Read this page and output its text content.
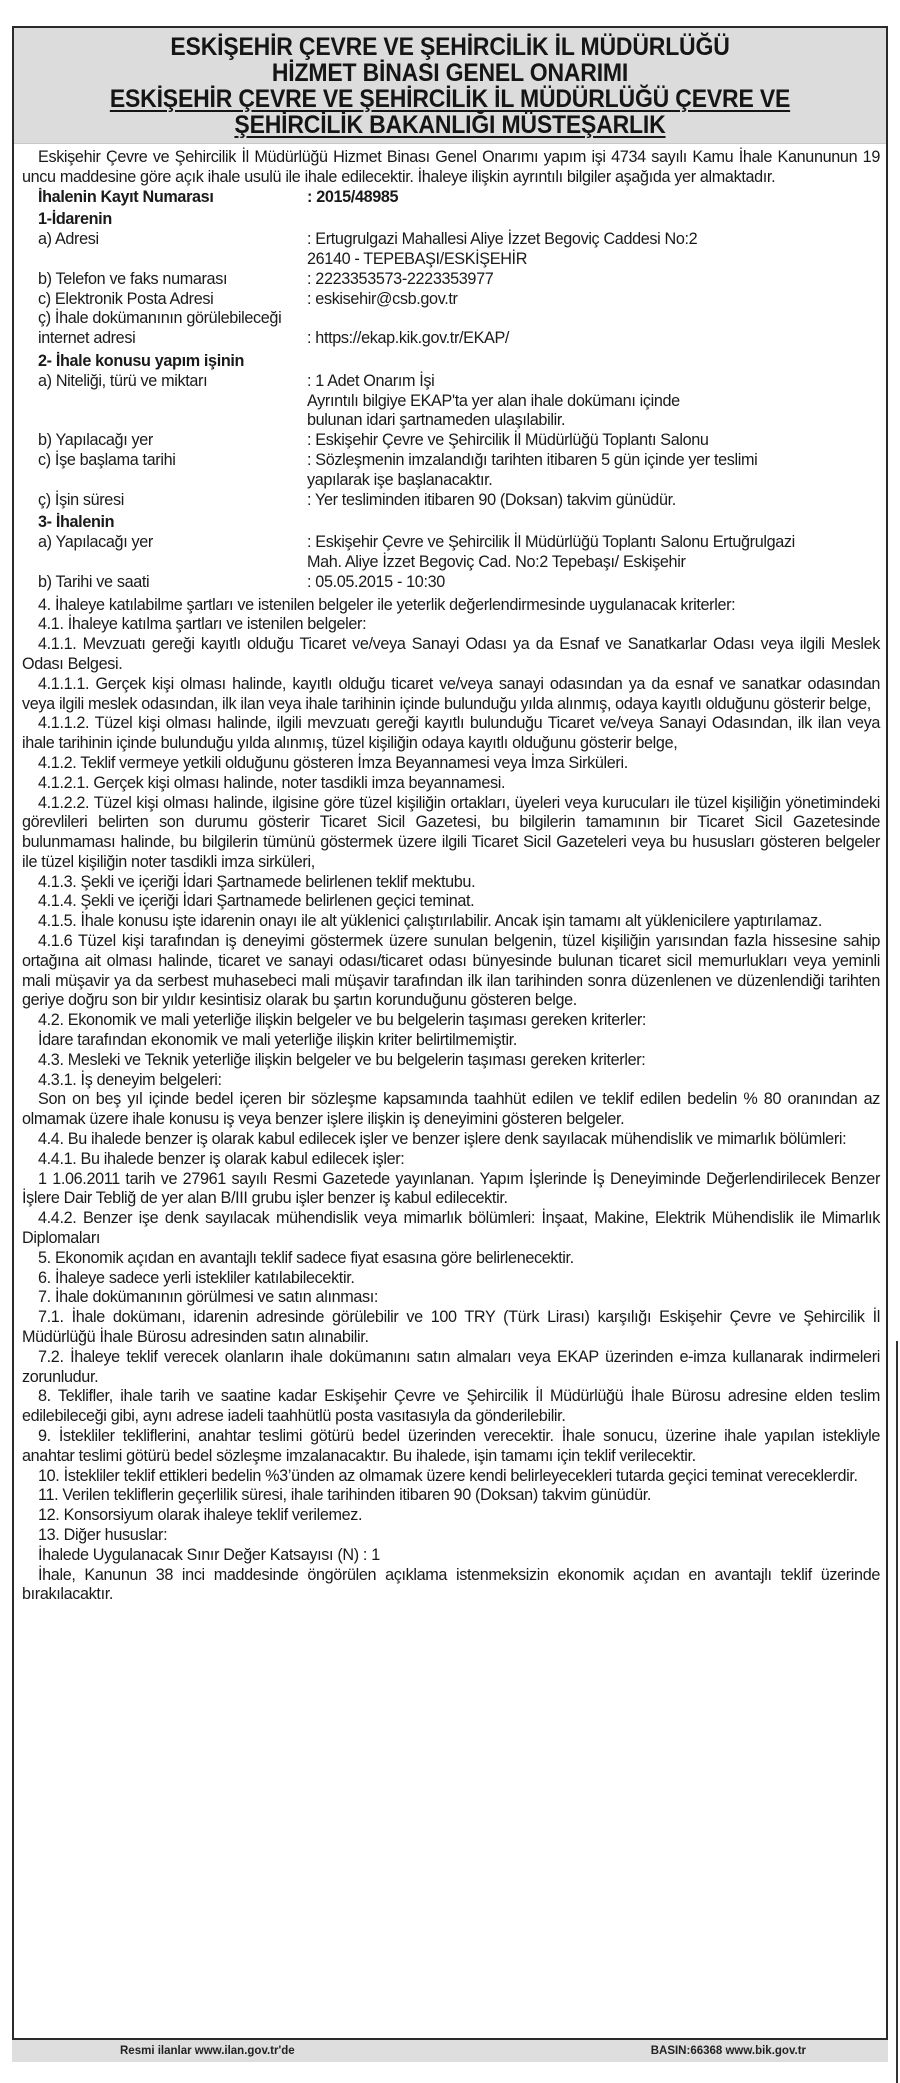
ESKİŞEHİR ÇEVRE VE ŞEHİRCİLİK İL MÜDÜRLÜĞÜ
HİZMET BİNASI GENEL ONARIMI
ESKİŞEHİR ÇEVRE VE ŞEHİRCİLİK İL MÜDÜRLÜĞÜ ÇEVRE VE
ŞEHİRCİLİK BAKANLIĞI MÜSTEŞARLIK

Eskişehir Çevre ve Şehircilik İl Müdürlüğü Hizmet Binası Genel Onarımı yapım işi 4734 sayılı Kamu İhale Kanununun 19 uncu maddesine göre açık ihale usulü ile ihale edilecektir. İhaleye ilişkin ayrıntılı bilgiler aşağıda yer almaktadır.

İhalenin Kayıt Numarası	: 2015/48985
1-İdarenin
a) Adresi	: Ertugrulgazi Mahallesi Aliye İzzet Begoviç Caddesi No:2
26140 - TEPEBAŞI/ESKİŞEHİR
b) Telefon ve faks numarası	: 2223353573-2223353977
c) Elektronik Posta Adresi	: eskisehir@csb.gov.tr
ç) İhale dokümanının görülebileceği
internet adresi	: https://ekap.kik.gov.tr/EKAP/
2- İhale konusu yapım işinin
a) Niteliği, türü ve miktarı	: 1 Adet Onarım İşi
Ayrıntılı bilgiye EKAP'ta yer alan ihale dokümanı içinde
bulunan idari şartnameden ulaşılabilir.
b) Yapılacağı yer	: Eskişehir Çevre ve Şehircilik İl Müdürlüğü Toplantı Salonu
c) İşe başlama tarihi	: Sözleşmenin imzalandığı tarihten itibaren 5 gün içinde yer teslimi
yapılarak işe başlanacaktır.
ç) İşin süresi	: Yer tesliminden itibaren 90 (Doksan) takvim günüdür.
3- İhalenin
a) Yapılacağı yer	: Eskişehir Çevre ve Şehircilik İl Müdürlüğü Toplantı Salonu Ertuğrulgazi
Mah. Aliye İzzet Begoviç Cad. No:2 Tepebaşı/ Eskişehir
b) Tarihi ve saati	: 05.05.2015 - 10:30

4. İhaleye katılabilme şartları ve istenilen belgeler ile yeterlik değerlendirmesinde uygulanacak kriterler:

4.1. İhaleye katılma şartları ve istenilen belgeler:

4.1.1. Mevzuatı gereği kayıtlı olduğu Ticaret ve/veya Sanayi Odası ya da Esnaf ve Sanatkarlar Odası veya ilgili Meslek Odası Belgesi.

4.1.1.1. Gerçek kişi olması halinde, kayıtlı olduğu ticaret ve/veya sanayi odasından ya da esnaf ve sanatkar odasından veya ilgili meslek odasından, ilk ilan veya ihale tarihinin içinde bulunduğu yılda alınmış, odaya kayıtlı olduğunu gösterir belge,

4.1.1.2. Tüzel kişi olması halinde, ilgili mevzuatı gereği kayıtlı bulunduğu Ticaret ve/veya Sanayi Odasından, ilk ilan veya ihale tarihinin içinde bulunduğu yılda alınmış, tüzel kişiliğin odaya kayıtlı olduğunu gösterir belge,

4.1.2. Teklif vermeye yetkili olduğunu gösteren İmza Beyannamesi veya İmza Sirküleri.

4.1.2.1. Gerçek kişi olması halinde, noter tasdikli imza beyannamesi.

4.1.2.2. Tüzel kişi olması halinde, ilgisine göre tüzel kişiliğin ortakları, üyeleri veya kurucuları ile tüzel kişiliğin yönetimindeki görevlileri belirten son durumu gösterir Ticaret Sicil Gazetesi, bu bilgilerin tamamının bir Ticaret Sicil Gazetesinde bulunmaması halinde, bu bilgilerin tümünü göstermek üzere ilgili Ticaret Sicil Gazeteleri veya bu hususları gösteren belgeler ile tüzel kişiliğin noter tasdikli imza sirküleri,

4.1.3. Şekli ve içeriği İdari Şartnamede belirlenen teklif mektubu.

4.1.4. Şekli ve içeriği İdari Şartnamede belirlenen geçici teminat.

4.1.5. İhale konusu işte idarenin onayı ile alt yüklenici çalıştırılabilir. Ancak işin tamamı alt yüklenicilere yaptırılamaz.

4.1.6 Tüzel kişi tarafından iş deneyimi göstermek üzere sunulan belgenin, tüzel kişiliğin yarısından fazla hissesine sahip ortağına ait olması halinde, ticaret ve sanayi odası/ticaret odası bünyesinde bulunan ticaret sicil memurlukları veya yeminli mali müşavir ya da serbest muhasebeci mali müşavir tarafından ilk ilan tarihinden sonra düzenlenen ve düzenlendiği tarihten geriye doğru son bir yıldır kesintisiz olarak bu şartın korunduğunu gösteren belge.

4.2. Ekonomik ve mali yeterliğe ilişkin belgeler ve bu belgelerin taşıması gereken kriterler:

İdare tarafından ekonomik ve mali yeterliğe ilişkin kriter belirtilmemiştir.

4.3. Mesleki ve Teknik yeterliğe ilişkin belgeler ve bu belgelerin taşıması gereken kriterler:

4.3.1. İş deneyim belgeleri:

Son on beş yıl içinde bedel içeren bir sözleşme kapsamında taahhüt edilen ve teklif edilen bedelin % 80 oranından az olmamak üzere ihale konusu iş veya benzer işlere ilişkin iş deneyimini gösteren belgeler.

4.4. Bu ihalede benzer iş olarak kabul edilecek işler ve benzer işlere denk sayılacak mühendislik ve mimarlık bölümleri:

4.4.1. Bu ihalede benzer iş olarak kabul edilecek işler:

1 1.06.2011 tarih ve 27961 sayılı Resmi Gazetede yayınlanan. Yapım İşlerinde İş Deneyiminde Değerlendirilecek Benzer İşlere Dair Tebliğ de yer alan B/III grubu işler benzer iş kabul edilecektir.

4.4.2. Benzer işe denk sayılacak mühendislik veya mimarlık bölümleri: İnşaat, Makine, Elektrik Mühendislik ile Mimarlık Diplomaları

5. Ekonomik açıdan en avantajlı teklif sadece fiyat esasına göre belirlenecektir.

6. İhaleye sadece yerli istekliler katılabilecektir.

7. İhale dokümanının görülmesi ve satın alınması:

7.1. İhale dokümanı, idarenin adresinde görülebilir ve 100 TRY (Türk Lirası) karşılığı Eskişehir Çevre ve Şehircilik İl Müdürlüğü İhale Bürosu adresinden satın alınabilir.

7.2. İhaleye teklif verecek olanların ihale dokümanını satın almaları veya EKAP üzerinden e-imza kullanarak indirmeleri zorunludur.

8. Teklifler, ihale tarih ve saatine kadar Eskişehir Çevre ve Şehircilik İl Müdürlüğü İhale Bürosu adresine elden teslim edilebileceği gibi, aynı adrese iadeli taahhütlü posta vasıtasıyla da gönderilebilir.

9. İstekliler tekliflerini, anahtar teslimi götürü bedel üzerinden verecektir. İhale sonucu, üzerine ihale yapılan istekliyle anahtar teslimi götürü bedel sözleşme imzalanacaktır. Bu ihalede, işin tamamı için teklif verilecektir.

10. İstekliler teklif ettikleri bedelin %3’ünden az olmamak üzere kendi belirleyecekleri tutarda geçici teminat vereceklerdir.

11. Verilen tekliflerin geçerlilik süresi, ihale tarihinden itibaren 90 (Doksan) takvim günüdür.

12. Konsorsiyum olarak ihaleye teklif verilemez.

13. Diğer hususlar:

İhalede Uygulanacak Sınır Değer Katsayısı (N) : 1

İhale, Kanunun 38 inci maddesinde öngörülen açıklama istenmeksizin ekonomik açıdan en avantajlı teklif üzerinde bırakılacaktır.

Resmi ilanlar www.ilan.gov.tr'de	BASIN:66368 www.bik.gov.tr
